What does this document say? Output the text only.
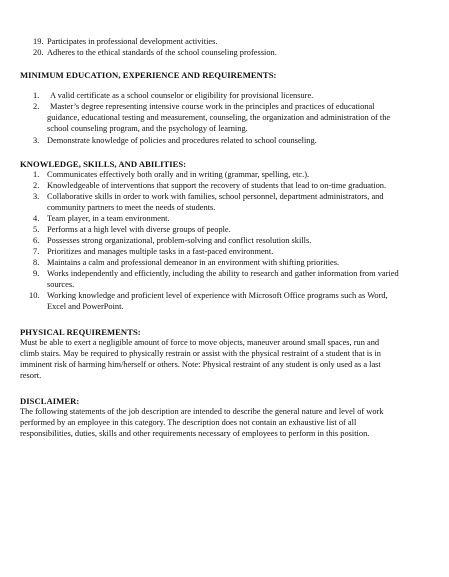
19. Participates in professional development activities.
20. Adheres to the ethical standards of the school counseling profession.
MINIMUM EDUCATION, EXPERIENCE AND REQUIREMENTS:
1. A valid certificate as a school counselor or eligibility for provisional licensure.
2. Master’s degree representing intensive course work in the principles and practices of educational
guidance, educational testing and measurement, counseling, the organization and administration of the
school counseling program, and the psychology of learning.
3. Demonstrate knowledge of policies and procedures related to school counseling.
KNOWLEDGE, SKILLS, AND ABILITIES:
1. Communicates effectively both orally and in writing (grammar, spelling, etc.).
2. Knowledgeable of interventions that support the recovery of students that lead to on-time graduation.
3. Collaborative skills in order to work with families, school personnel, department administrators, and
community partners to meet the needs of students.
4. Team player, in a team environment.
5. Performs at a high level with diverse groups of people.
6. Possesses strong organizational, problem-solving and conflict resolution skills.
7. Prioritizes and manages multiple tasks in a fast-paced environment.
8. Maintains a calm and professional demeanor in an environment with shifting priorities.
9. Works independently and efficiently, including the ability to research and gather information from varied
sources.
10. Working knowledge and proficient level of experience with Microsoft Office programs such as Word,
Excel and PowerPoint.
PHYSICAL REQUIREMENTS:
Must be able to exert a negligible amount of force to move objects, maneuver around small spaces, run and
climb stairs. May be required to physically restrain or assist with the physical restraint of a student that is in
imminent risk of harming him/herself or others. Note: Physical restraint of any student is only used as a last
resort.
DISCLAIMER:
The following statements of the job description are intended to describe the general nature and level of work
performed by an employee in this category. The description does not contain an exhaustive list of all
responsibilities, duties, skills and other requirements necessary of employees to perform in this position.
